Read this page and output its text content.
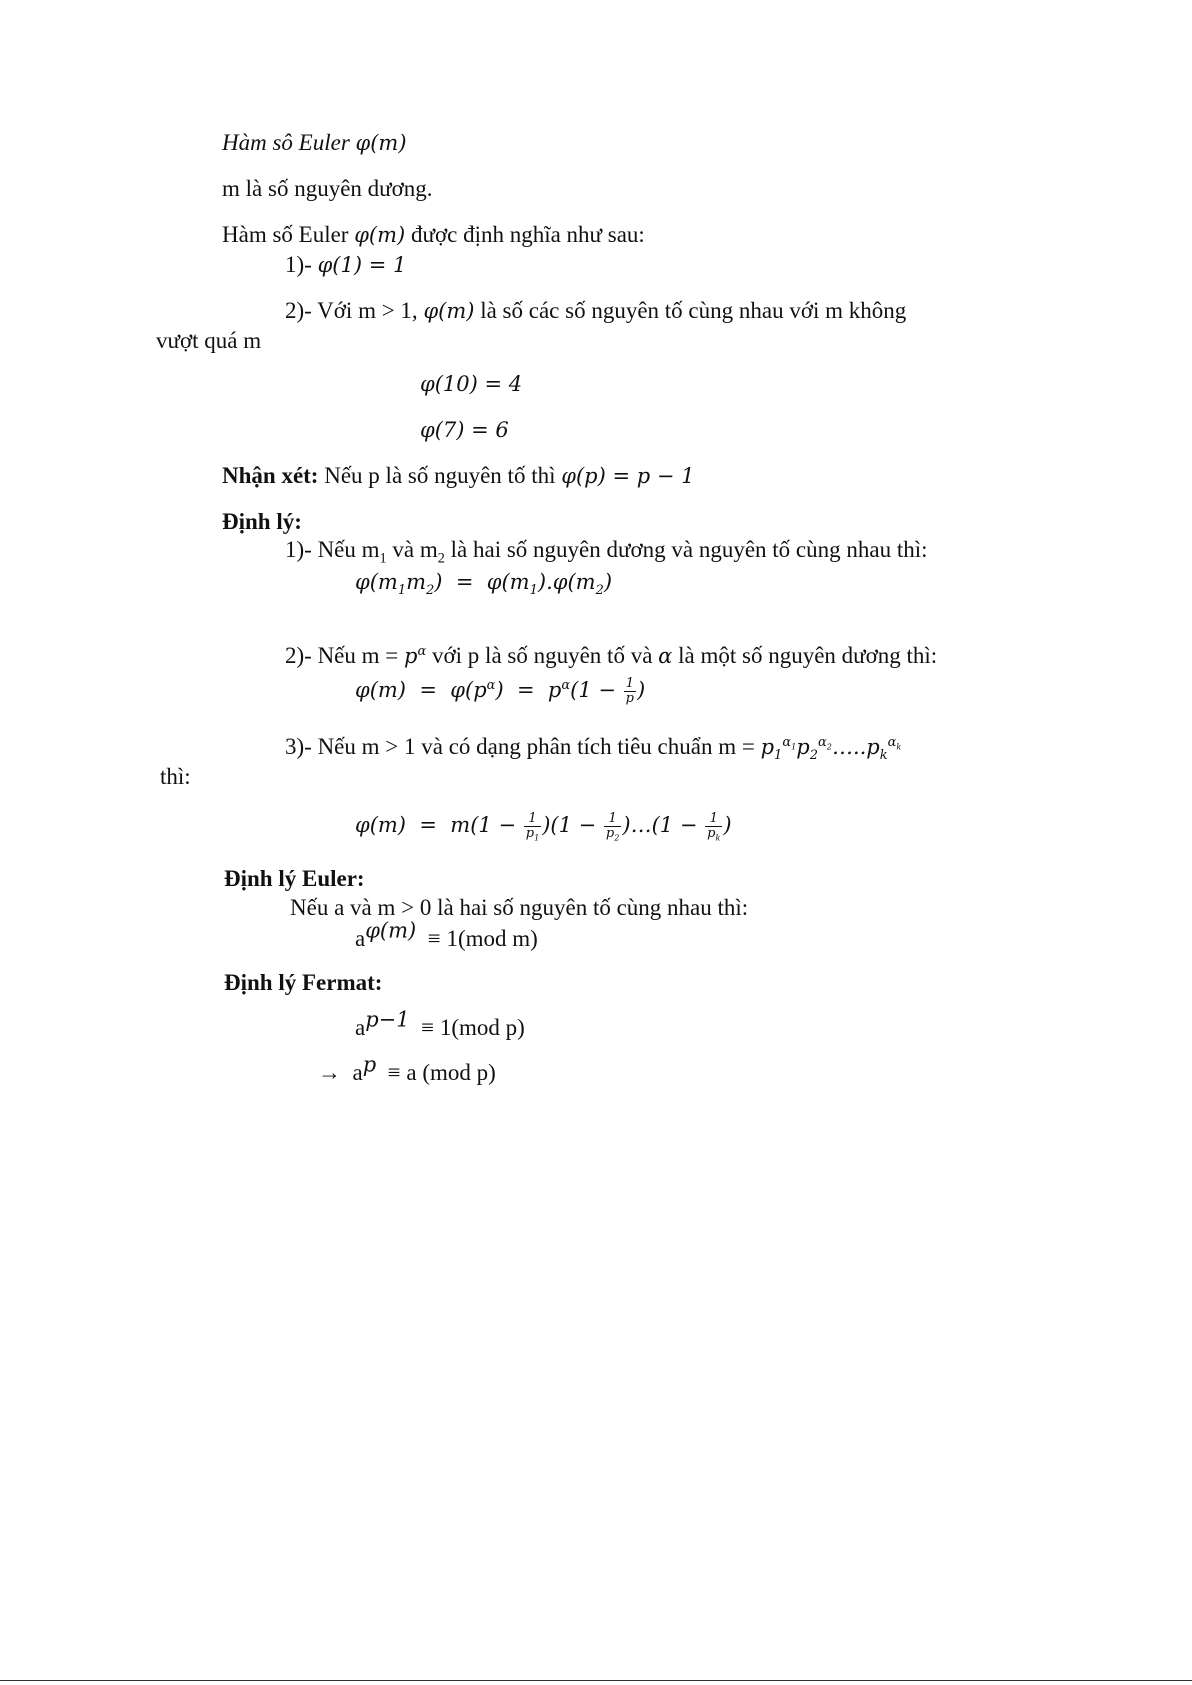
Hàm sô Euler φ(m)
m là số nguyên dương.
Hàm số Euler φ(m) được định nghĩa như sau:
1)- φ(1) = 1
2)- Với m > 1, φ(m) là số các số nguyên tố cùng nhau với m không
vượt quá m
φ(10) = 4
φ(7) = 6
Nhận xét: Nếu p là số nguyên tố thì φ(p) = p − 1
Định lý:
1)- Nếu $m_1$ và $m_2$ là hai số nguyên dương và nguyên tố cùng nhau thì:
$\varphi(m_1m_2) = \varphi(m_1).\varphi(m_2)$
2)- Nếu $m = p^\alpha$ với p là số nguyên tố và α là một số nguyên dương thì:
$\varphi(m) = \varphi(p^\alpha) = p^\alpha(1 - \frac{1}{p}$ )
3)- Nếu m > 1 và có dạng phân tích tiêu chuẩn $m = p_1^{\alpha_1}p_2^{\alpha_2}\dots..p_k^{\alpha_k}$
thì:
$\varphi(m) = m(1 - \frac{1}{p_1} )(1 - \frac{1}{p_2}$ )…(1 − $\frac{1}{p_k}$ )
Định lý Euler:
Nếu a và m > 0 là hai số nguyên tố cùng nhau thì:
$a^{\varphi(m)} \equiv 1(mod$ m)
Định lý Fermat:
$a^{p-1} \equiv 1(mod$ p)
→  $a^p \equiv a$ (mod p)
